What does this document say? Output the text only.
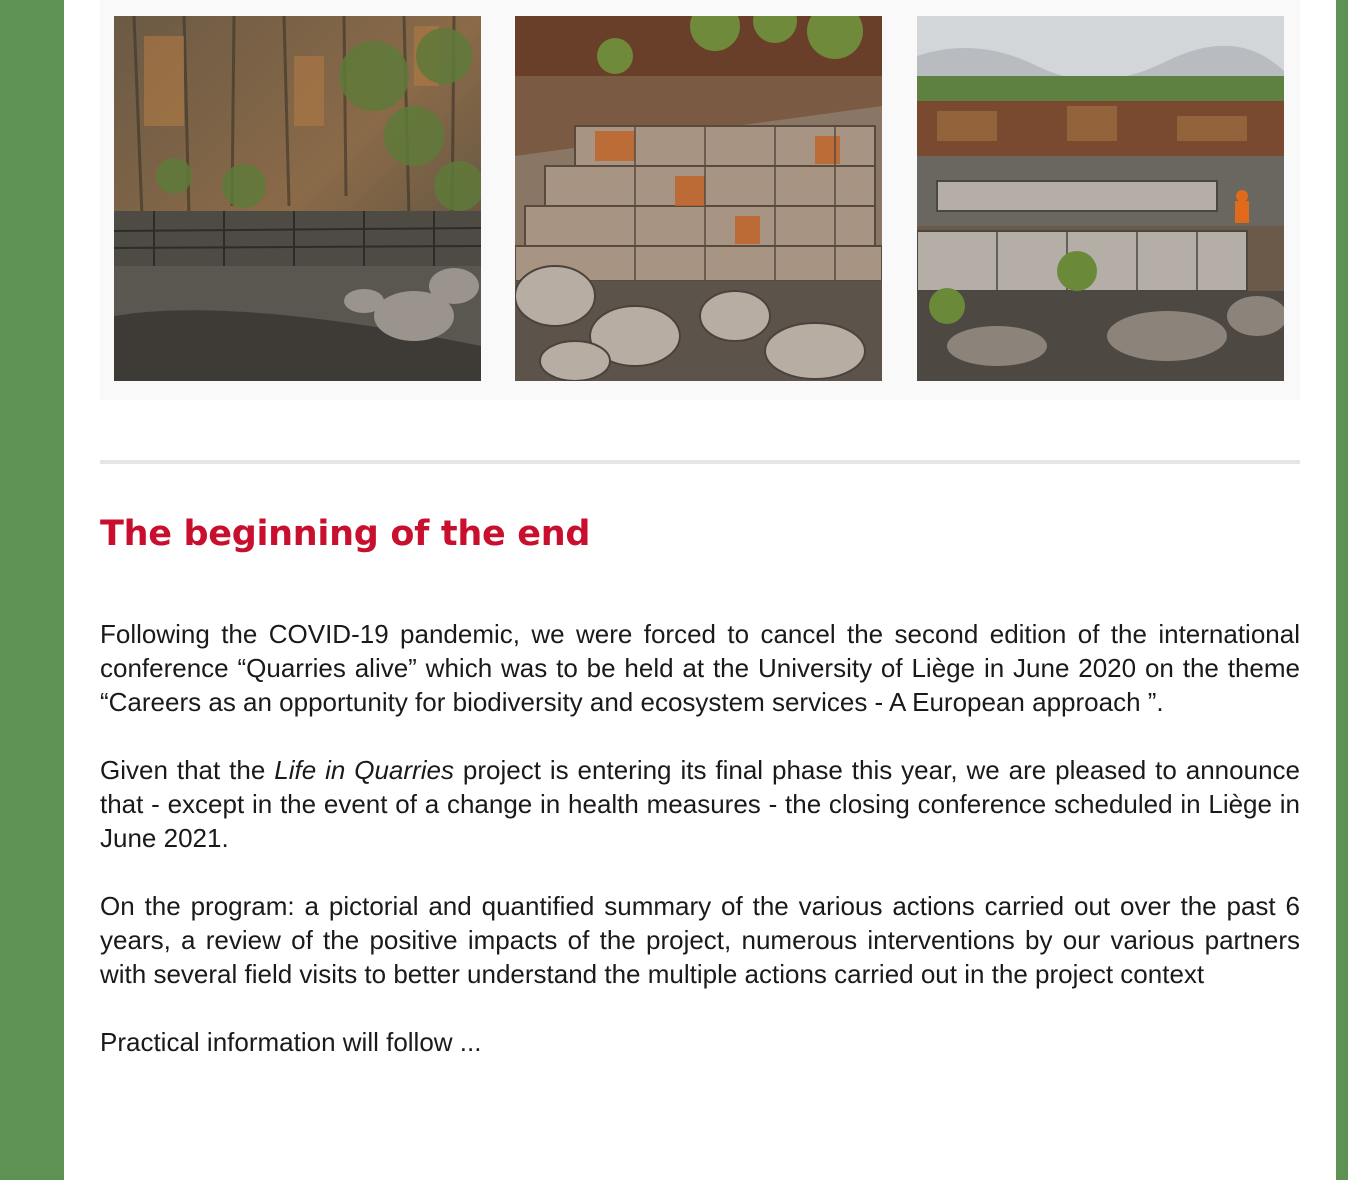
The beginning of the end

Following the COVID-19 pandemic, we were forced to cancel the second edition of the international conference “Quarries alive” which was to be held at the University of Liège in June 2020 on the theme “Careers as an opportunity for biodiversity and ecosystem services - A European approach ”.

Given that the Life in Quarries project is entering its final phase this year, we are pleased to announce that - except in the event of a change in health measures - the closing conference scheduled in Liège in June 2021.

On the program: a pictorial and quantified summary of the various actions carried out over the past 6 years, a review of the positive impacts of the project, numerous interventions by our various partners with several field visits to better understand the multiple actions carried out in the project context

Practical information will follow ...
